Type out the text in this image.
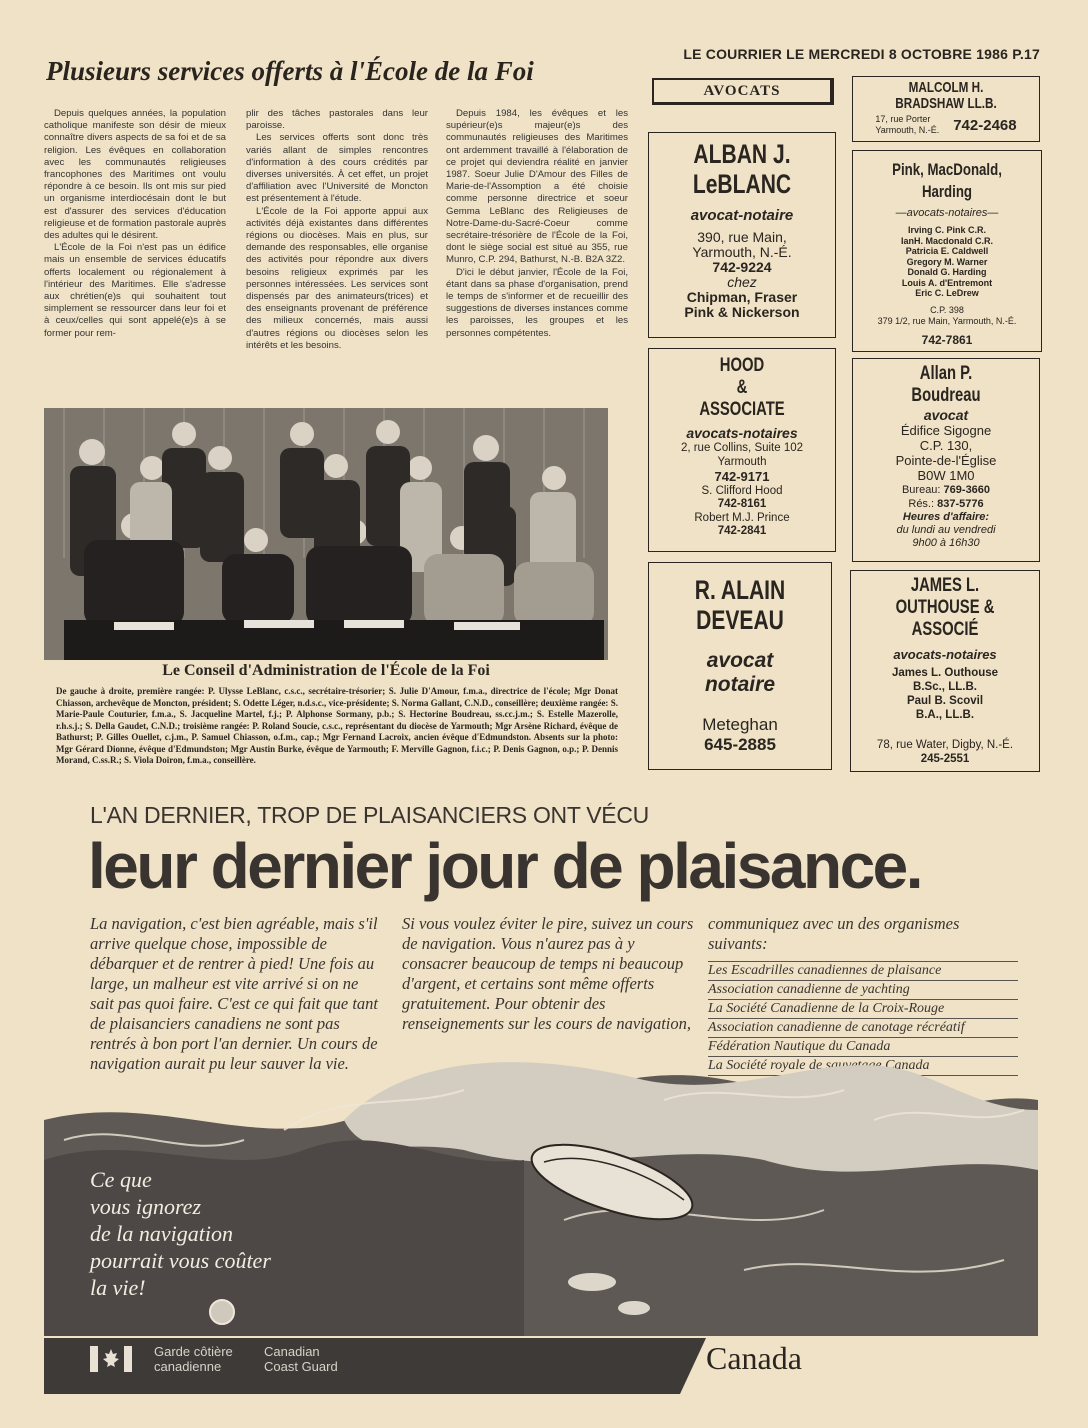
LE COURRIER LE MERCREDI 8 OCTOBRE 1986 P.17
Plusieurs services offerts à l'École de la Foi

Depuis quelques années, la population catholique manifeste son désir de mieux connaître divers aspects de sa foi et de sa religion. Les évêques en collaboration avec les communautés religieuses francophones des Maritimes ont voulu répondre à ce besoin. Ils ont mis sur pied un organisme interdiocésain dont le but est d'assurer des services d'éducation religieuse et de formation pastorale auprès des adultes qui le désirent.

L'École de la Foi n'est pas un édifice mais un ensemble de services éducatifs offerts localement ou régionalement à l'intérieur des Maritimes. Elle s'adresse aux chrétien(e)s qui souhaitent tout simplement se ressourcer dans leur foi et à ceux/celles qui sont appelé(e)s à se former pour rem-

plir des tâches pastorales dans leur paroisse.

Les services offerts sont donc très variés allant de simples rencontres d'information à des cours crédités par diverses universités. À cet effet, un projet d'affiliation avec l'Université de Moncton est présentement à l'étude.

L'École de la Foi apporte appui aux activités déjà existantes dans différentes régions ou diocèses. Mais en plus, sur demande des responsables, elle organise des activités pour répondre aux divers besoins religieux exprimés par les personnes intéressées. Les services sont dispensés par des animateurs(trices) et des enseignants provenant de préférence des milieux concernés, mais aussi d'autres régions ou diocèses selon les intérêts et les besoins.

Depuis 1984, les évêques et les supérieur(e)s majeur(e)s des communautés religieuses des Maritimes ont ardemment travaillé à l'élaboration de ce projet qui deviendra réalité en janvier 1987. Soeur Julie D'Amour des Filles de Marie-de-l'Assomption a été choisie comme personne directrice et soeur Gemma LeBlanc des Religieuses de Notre-Dame-du-Sacré-Coeur comme secrétaire-trésorière de l'École de la Foi, dont le siège social est situé au 355, rue Munro, C.P. 294, Bathurst, N.-B. B2A 3Z2.

D'ici le début janvier, l'École de la Foi, étant dans sa phase d'organisation, prend le temps de s'informer et de recueillir des suggestions de diverses instances comme les paroisses, les groupes et les personnes compétentes.

Le Conseil d'Administration de l'École de la Foi
De gauche à droite, première rangée: P. Ulysse LeBlanc, c.s.c., secrétaire-trésorier; S. Julie D'Amour, f.m.a., directrice de l'école; Mgr Donat Chiasson, archevêque de Moncton, président; S. Odette Léger, n.d.s.c., vice-présidente; S. Norma Gallant, C.N.D., conseillère; deuxième rangée: S. Marie-Paule Couturier, f.m.a., S. Jacqueline Martel, f.j.; P. Alphonse Sormany, p.b.; S. Hectorine Boudreau, ss.cc.j.m.; S. Estelle Mazerolle, r.h.s.j.; S. Della Gaudet, C.N.D.; troisième rangée: P. Roland Soucie, c.s.c., représentant du diocèse de Yarmouth; Mgr Arsène Richard, évêque de Bathurst; P. Gilles Ouellet, c.j.m., P. Samuel Chiasson, o.f.m., cap.; Mgr Fernand Lacroix, ancien évêque d'Edmundston. Absents sur la photo: Mgr Gérard Dionne, évêque d'Edmundston; Mgr Austin Burke, évêque de Yarmouth; F. Merville Gagnon, f.i.c.; P. Denis Gagnon, o.p.; P. Dennis Morand, C.ss.R.; S. Viola Doiron, f.m.a., conseillère.
AVOCATS	MALCOLM H.
BRADSHAW LL.B.
17, rue Porter
Yarmouth, N.-É. 742-2468
ALBAN J.
LeBLANC
avocat-notaire
390, rue Main,
Yarmouth, N.-É.
742-9224
chez
Chipman, Fraser
Pink & Nickerson
Pink, MacDonald,
Harding
—avocats-notaires—
Irving C. Pink C.R.
IanH. Macdonald C.R.
Patricia E. Caldwell
Gregory M. Warner
Donald G. Harding
Louis A. d'Entremont
Eric C. LeDrew
C.P. 398
379 1/2, rue Main, Yarmouth, N.-É.
742-7861
HOOD
&
ASSOCIATE
avocats-notaires
2, rue Collins, Suite 102
Yarmouth
742-9171
S. Clifford Hood
742-8161
Robert M.J. Prince
742-2841
Allan P.
Boudreau
avocat
Édifice Sigogne
C.P. 130,
Pointe-de-l'Église
B0W 1M0
Bureau: 769-3660
Rés.: 837-5776
Heures d'affaire:
du lundi au vendredi
9h00 à 16h30
R. ALAIN
DEVEAU
avocat
notaire
Meteghan
645-2885
JAMES L.
OUTHOUSE &
ASSOCIÉ
avocats-notaires
James L. Outhouse
B.Sc., LL.B.
Paul B. Scovil
B.A., LL.B.
78, rue Water, Digby, N.-É.
245-2551
L'AN DERNIER, TROP DE PLAISANCIERS ONT VÉCU
leur dernier jour de plaisance.
La navigation, c'est bien agréable, mais s'il arrive quelque chose, impossible de débarquer et de rentrer à pied! Une fois au large, un malheur est vite arrivé si on ne sait pas quoi faire. C'est ce qui fait que tant de plaisanciers canadiens ne sont pas rentrés à bon port l'an dernier. Un cours de navigation aurait pu leur sauver la vie.
Si vous voulez éviter le pire, suivez un cours de navigation. Vous n'aurez pas à y consacrer beaucoup de temps ni beaucoup d'argent, et certains sont même offerts gratuitement. Pour obtenir des renseignements sur les cours de navigation,
communiquez avec un des organismes suivants:
Les Escadrilles canadiennes de plaisance
Association canadienne de yachting
La Société Canadienne de la Croix-Rouge
Association canadienne de canotage récréatif
Fédération Nautique du Canada
La Société royale de sauvetage Canada
Ce que
vous ignorez
de la navigation
pourrait vous coûter
la vie!
Garde côtière
canadienne
Canadian
Coast Guard	Canada
